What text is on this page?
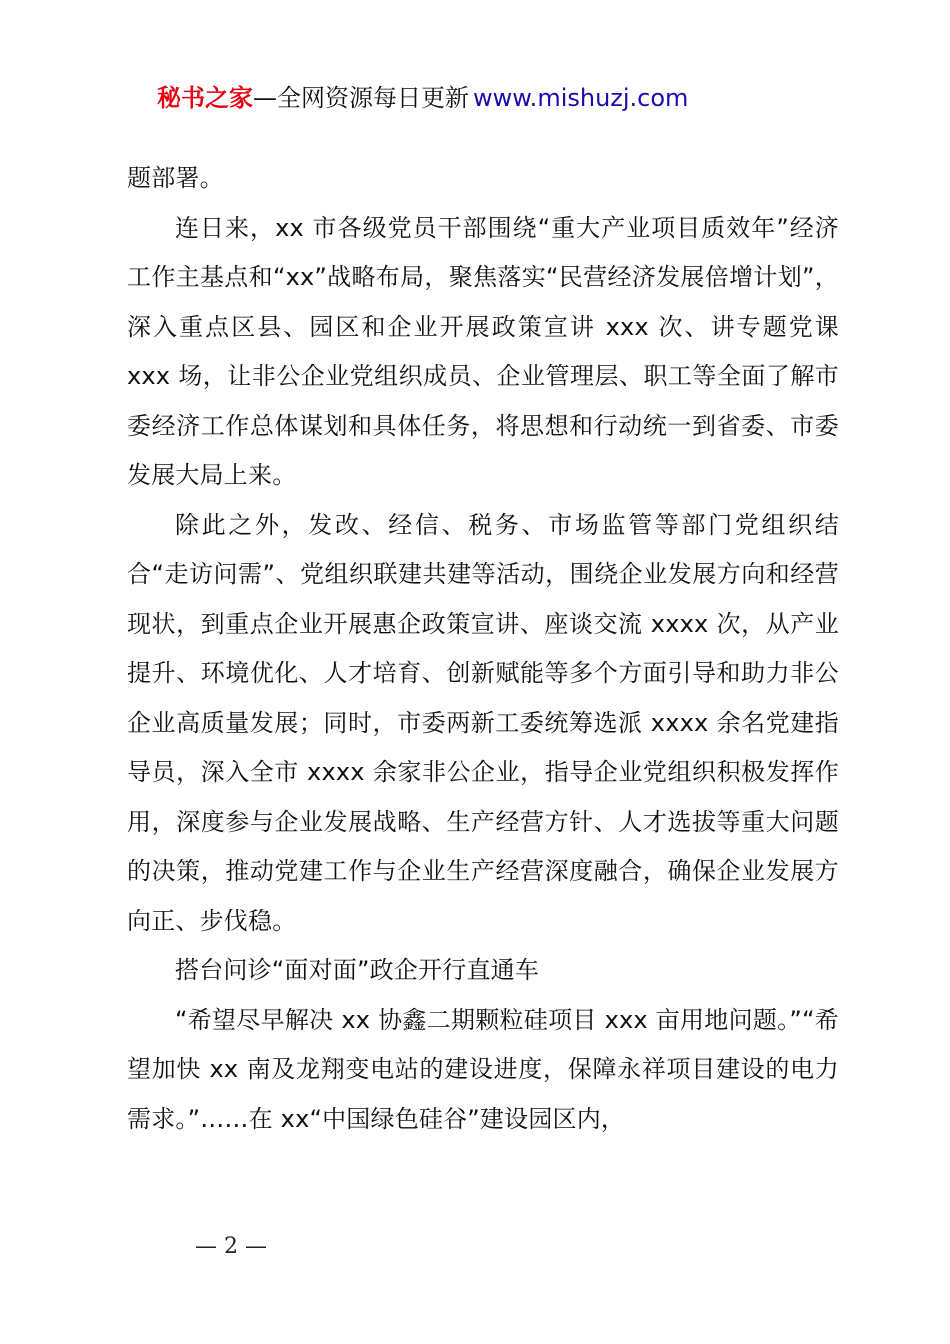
秘书之家—全网资源每日更新 www.mishuzj.com

题部署。

连日来，xx 市各级党员干部围绕“重大产业项目质效年”经济工作主基点和“xx”战略布局，聚焦落实“民营经济发展倍增计划”，深入重点区县、园区和企业开展政策宣讲 xxx 次、讲专题党课 xxx 场，让非公企业党组织成员、企业管理层、职工等全面了解市委经济工作总体谋划和具体任务，将思想和行动统一到省委、市委发展大局上来。

除此之外，发改、经信、税务、市场监管等部门党组织结合“走访问需”、党组织联建共建等活动，围绕企业发展方向和经营现状，到重点企业开展惠企政策宣讲、座谈交流 xxxx 次，从产业提升、环境优化、人才培育、创新赋能等多个方面引导和助力非公企业高质量发展；同时，市委两新工委统筹选派 xxxx 余名党建指导员，深入全市 xxxx 余家非公企业，指导企业党组织积极发挥作用，深度参与企业发展战略、生产经营方针、人才选拔等重大问题的决策，推动党建工作与企业生产经营深度融合，确保企业发展方向正、步伐稳。

搭台问诊“面对面”政企开行直通车

“希望尽早解决 xx 协鑫二期颗粒硅项目 xxx 亩用地问题。”“希望加快 xx 南及龙翔变电站的建设进度，保障永祥项目建设的电力需求。”……在 xx“中国绿色硅谷”建设园区内，

— 2 —
